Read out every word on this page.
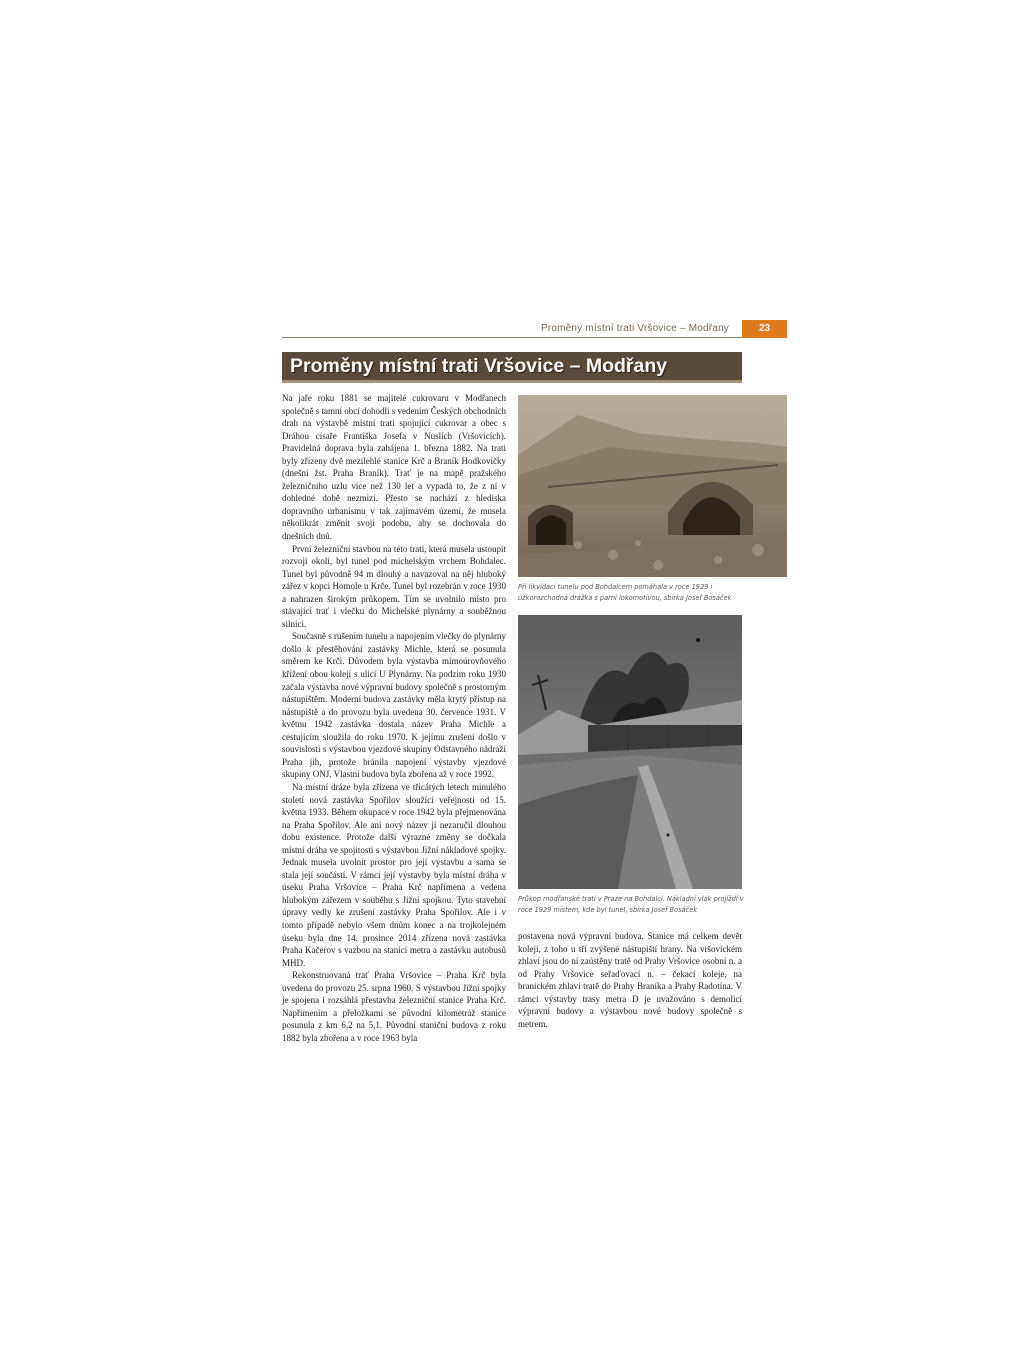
Proměny místní trati Vršovice – Modřany	23
Proměny místní trati Vršovice – Modřany

Na jaře roku 1881 se majitelé cukrovaru v Modřanech společně s tamní obcí dohodli s vedením Českých obchodních drah na výstavbě místní trati spojující cukrovar a obec s Dráhou císaře Františka Josefa v Nuslích (Vršovicích). Pravidelná doprava byla zahájena 1. března 1882. Na trati byly zřízeny dvě mezilehlé stanice Krč a Braník Hodkovičky (dnešní žst. Praha Braník). Trať je na mapě pražského železničního uzlu více než 130 let a vypadá to, že z ní v dohledné době nezmizí. Přesto se nachází z hlediska dopravního urbanismu v tak zajímavém území, že musela několikrát změnit svoji podobu, aby se dochovala do dnešních dnů.

První železniční stavbou na této trati, která musela ustoupit rozvoji okolí, byl tunel pod michelským vrchem Bohdalec. Tunel byl původně 94 m dlouhý a navazoval na něj hluboký zářez v kopci Homole u Krče. Tunel byl rozebrán v roce 1930 a nahrazen širokým průkopem. Tím se uvolnilo místo pro stávající trať i vlečku do Michelské plynárny a souběžnou silnici.

Současně s rušením tunelu a napojením vlečky do plynárny došlo k přestěhování zastávky Michle, která se posunula směrem ke Krči. Důvodem byla výstavba mimoúrovňového křížení obou kolejí s ulicí U Plynárny. Na podzim roku 1930 začala výstavba nové výpravní budovy společně s prostorným nástupištěm. Moderní budova zastávky měla krytý přístup na nástupiště a do provozu byla uvedena 30. července 1931. V květnu 1942 zastávka dostala název Praha Michle a cestujícím sloužila do roku 1970. K jejímu zrušení došlo v souvislosti s výstavbou vjezdové skupiny Odstavného nádraží Praha jih, protože bránila napojení výstavby vjezdové skupiny ONJ. Vlastní budova byla zbořena až v roce 1992.

Na místní dráze byla zřízena ve třicátých letech minulého století nová zastávka Spořilov sloužící veřejnosti od 15. května 1933. Během okupace v roce 1942 byla přejmenována na Praha Spořilov. Ale ani nový název jí nezaručil dlouhou dobu existence. Protože další výrazné změny se dočkala místní dráha ve spojitosti s výstavbou Jižní nákladové spojky. Jednak musela uvolnit prostor pro její výstavbu a sama se stala její součástí. V rámci její výstavby byla místní dráha v úseku Praha Vršovice – Praha Krč napřímena a vedena hlubokým zářezem v souběhu s Jižní spojkou. Tyto stavební úpravy vedly ke zrušení zastávky Praha Spořilov. Ale i v tomto případě nebylo všem dnům konec a na trojkolejném úseku byla dne 14. prosince 2014 zřízena nová zastávka Praha Kačerov s vazbou na stanici metra a zastávku autobusů MHD.

Rekonstruovaná trať Praha Vršovice – Praha Krč byla uvedena do provozu 25. srpna 1960. S výstavbou Jížní spojky je spojena i rozsáhlá přestavba železniční stanice Praha Krč. Napřímením a přeložkami se původní kilometráž stanice posunula z km 6,2 na 5,1. Původní staniční budova z roku 1882 byla zbořena a v roce 1963 byla

Při likvidaci tunelu pod Bohdalcem pomáhala v roce 1929 i úzkorozchodná drážka s parní lokomotivou, sbírka Josef Bosáček
Průkop modřanské trati v Praze na Bohdalci. Nákladní vlak projíždí v roce 1929 místem, kde byl tunel, sbírka Josef Bosáček

postavena nová výpravní budova. Stanice má celkem devět kolejí, z toho u tří zvýšené nástupiští hrany. Na vršovickém zhlaví jsou do ní zaústěny tratě od Prahy Vršovice osobní n. a od Prahy Vršovice seřaďovací n. – čekací koleje, na branickém zhlaví tratě do Prahy Braníka a Prahy Radotína. V rámci výstavby trasy metra D je uvažováno s demolicí výpravní budovy a výstavbou nové budovy společně s metrem.
